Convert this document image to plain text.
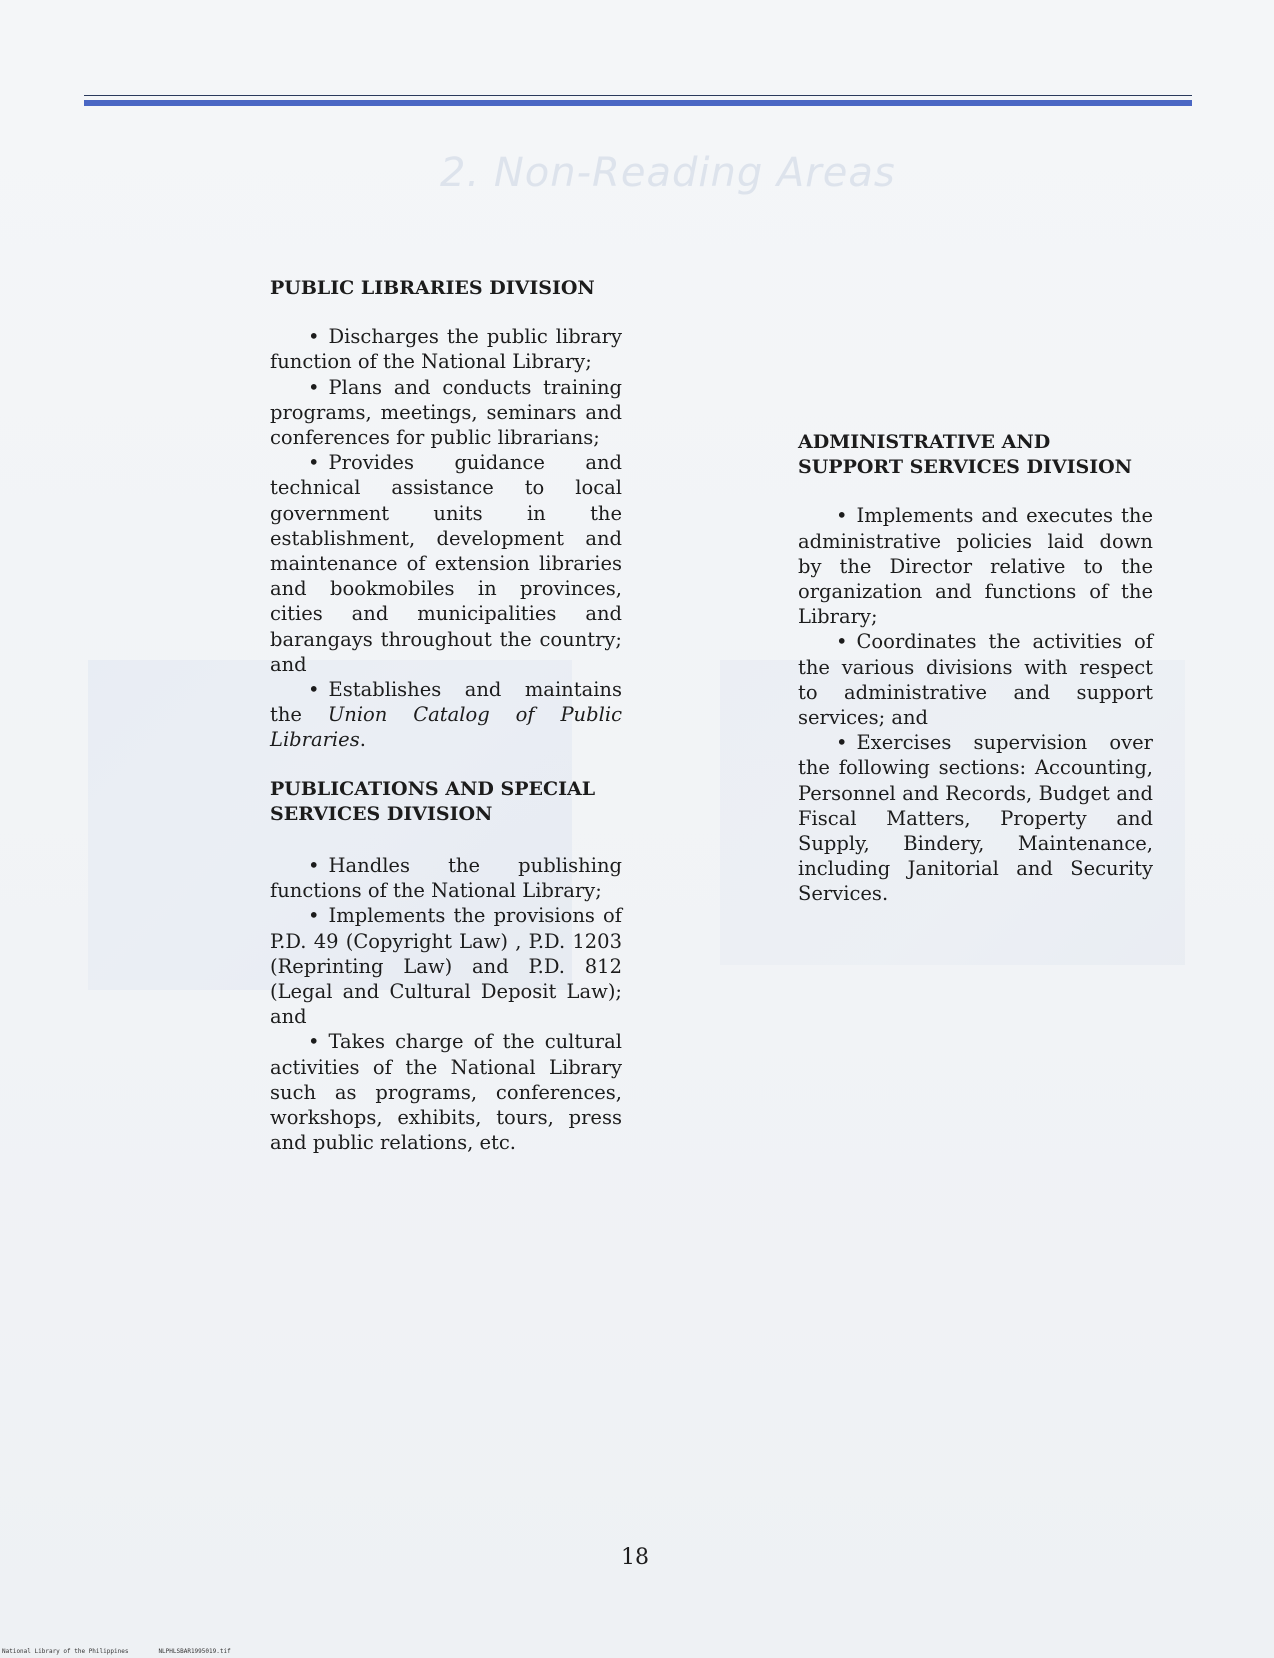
2. Non-Reading Areas

PUBLIC LIBRARIES DIVISION

• Discharges the public library function of the National Library;

• Plans and conducts training programs, meetings, seminars and conferences for public librarians;

• Provides guidance and technical assistance to local government units in the establishment, development and maintenance of extension libraries and bookmobiles in provinces, cities and municipalities and barangays throughout the country; and

• Establishes and maintains the Union Catalog of Public Libraries.

PUBLICATIONS AND SPECIAL SERVICES DIVISION

• Handles the publishing functions of the National Library;

• Implements the provisions of P.D. 49 (Copyright Law) , P.D. 1203 (Reprinting Law) and P.D. 812 (Legal and Cultural Deposit Law); and

• Takes charge of the cultural activities of the National Library such as programs, conferences, workshops, exhibits, tours, press and public relations, etc.

ADMINISTRATIVE AND SUPPORT SERVICES DIVISION

• Implements and executes the administrative policies laid down by the Director relative to the organization and functions of the Library;

• Coordinates the activities of the various divisions with respect to administrative and support services; and

• Exercises supervision over the following sections: Accounting, Personnel and Records, Budget and Fiscal Matters, Property and Supply, Bindery, Maintenance, including Janitorial and Security Services.

18
National Library of the Philippines	NLPHLSBAR1995019.tif
